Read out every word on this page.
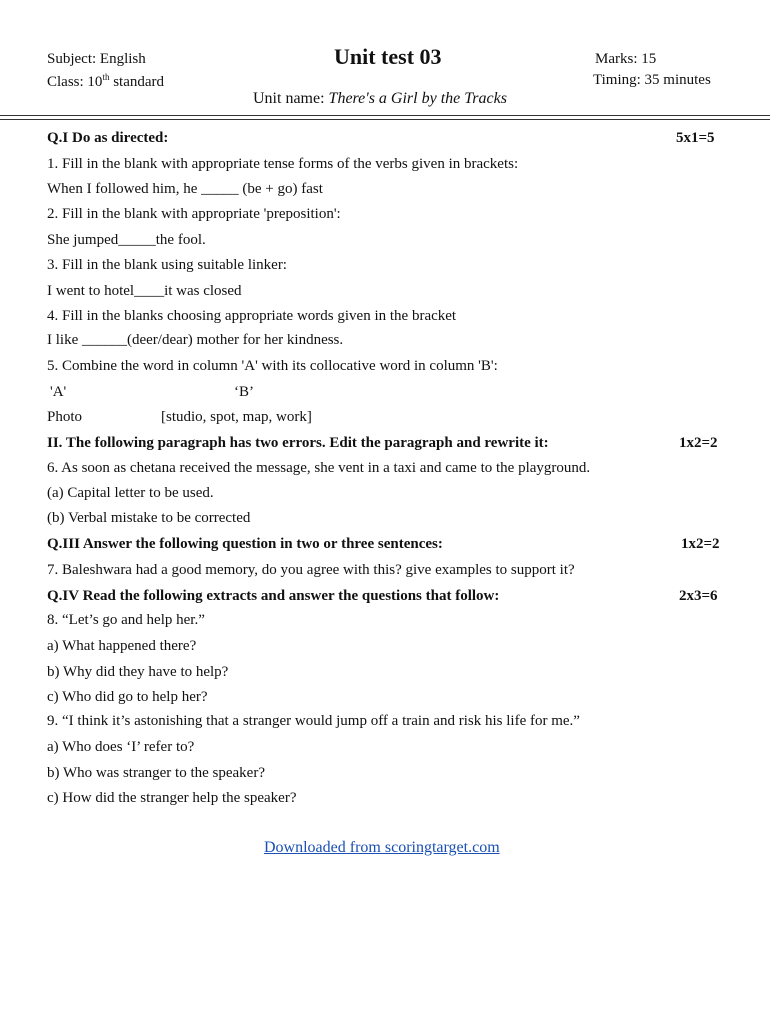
Subject: English
Class: 10th standard
Unit test 03	Marks: 15
Timing: 35 minutes
Unit name: There's a Girl by the Tracks
Q.I Do as directed:	5x1=5
1. Fill in the blank with appropriate tense forms of the verbs given in brackets:
When I followed him, he _____ (be + go) fast
2. Fill in the blank with appropriate 'preposition':
She jumped_____the fool.
3. Fill in the blank using suitable linker:
I went to hotel____it was closed
4. Fill in the blanks choosing appropriate words given in the bracket
I like ______(deer/dear) mother for her kindness.
5. Combine the word in column 'A' with its collocative word in column 'B':
'A'	‘B’
Photo	[studio, spot, map, work]
II. The following paragraph has two errors. Edit the paragraph and rewrite it:	1x2=2
6. As soon as chetana received the message, she vent in a taxi and came to the playground.
(a) Capital letter to be used.
(b) Verbal mistake to be corrected
Q.III Answer the following question in two or three sentences:	1x2=2
7. Baleshwara had a good memory, do you agree with this? give examples to support it?
Q.IV Read the following extracts and answer the questions that follow:	2x3=6
8. “Let’s go and help her.”
a) What happened there?
b) Why did they have to help?
c) Who did go to help her?
9. “I think it’s astonishing that a stranger would jump off a train and risk his life for me.”
a) Who does ‘I’ refer to?
b) Who was stranger to the speaker?
c) How did the stranger help the speaker?
Downloaded from scoringtarget.com
